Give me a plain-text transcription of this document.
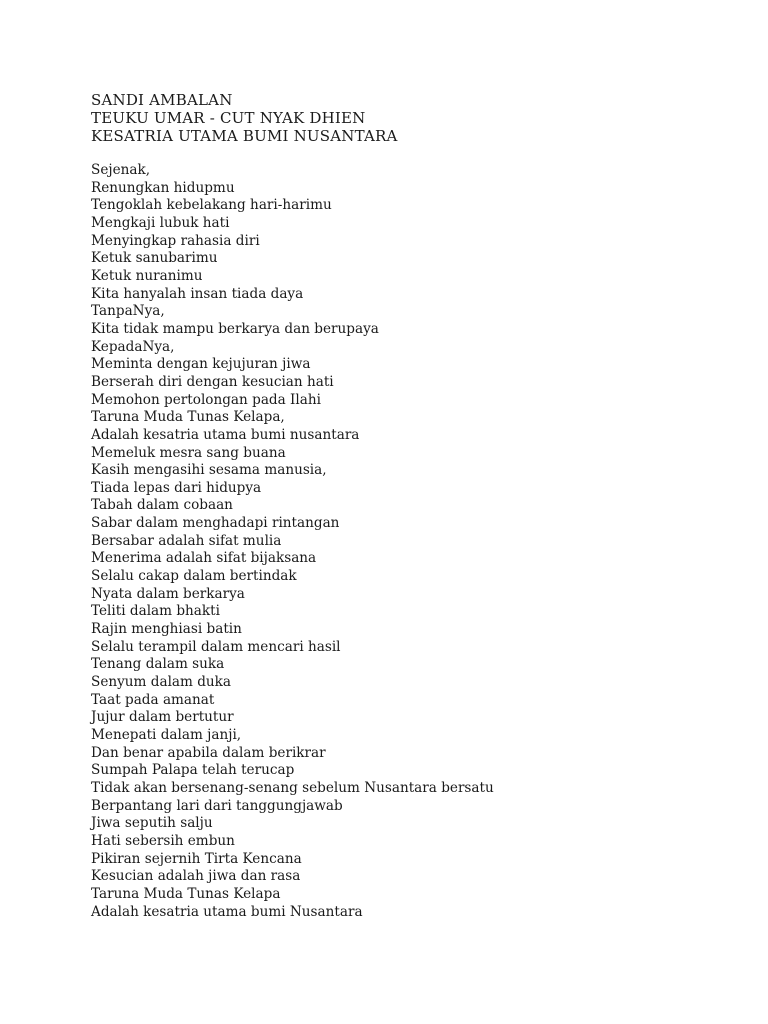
SANDI AMBALAN
TEUKU UMAR - CUT NYAK DHIEN
KESATRIA UTAMA BUMI NUSANTARA
Sejenak,
Renungkan hidupmu
Tengoklah kebelakang hari-harimu
Mengkaji lubuk hati
Menyingkap rahasia diri
Ketuk sanubarimu
Ketuk nuranimu
Kita hanyalah insan tiada daya
TanpaNya,
Kita tidak mampu berkarya dan berupaya
KepadaNya,
Meminta dengan kejujuran jiwa
Berserah diri dengan kesucian hati
Memohon pertolongan pada Ilahi
Taruna Muda Tunas Kelapa,
Adalah kesatria utama bumi nusantara
Memeluk mesra sang buana
Kasih mengasihi sesama manusia,
Tiada lepas dari hidupya
Tabah dalam cobaan
Sabar dalam menghadapi rintangan
Bersabar adalah sifat mulia
Menerima adalah sifat bijaksana
Selalu cakap dalam bertindak
Nyata dalam berkarya
Teliti dalam bhakti
Rajin menghiasi batin
Selalu terampil dalam mencari hasil
Tenang dalam suka
Senyum dalam duka
Taat pada amanat
Jujur dalam bertutur
Menepati dalam janji,
Dan benar apabila dalam berikrar
Sumpah Palapa telah terucap
Tidak akan bersenang-senang sebelum Nusantara bersatu
Berpantang lari dari tanggungjawab
Jiwa seputih salju
Hati sebersih embun
Pikiran sejernih Tirta Kencana
Kesucian adalah jiwa dan rasa
Taruna Muda Tunas Kelapa
Adalah kesatria utama bumi Nusantara
